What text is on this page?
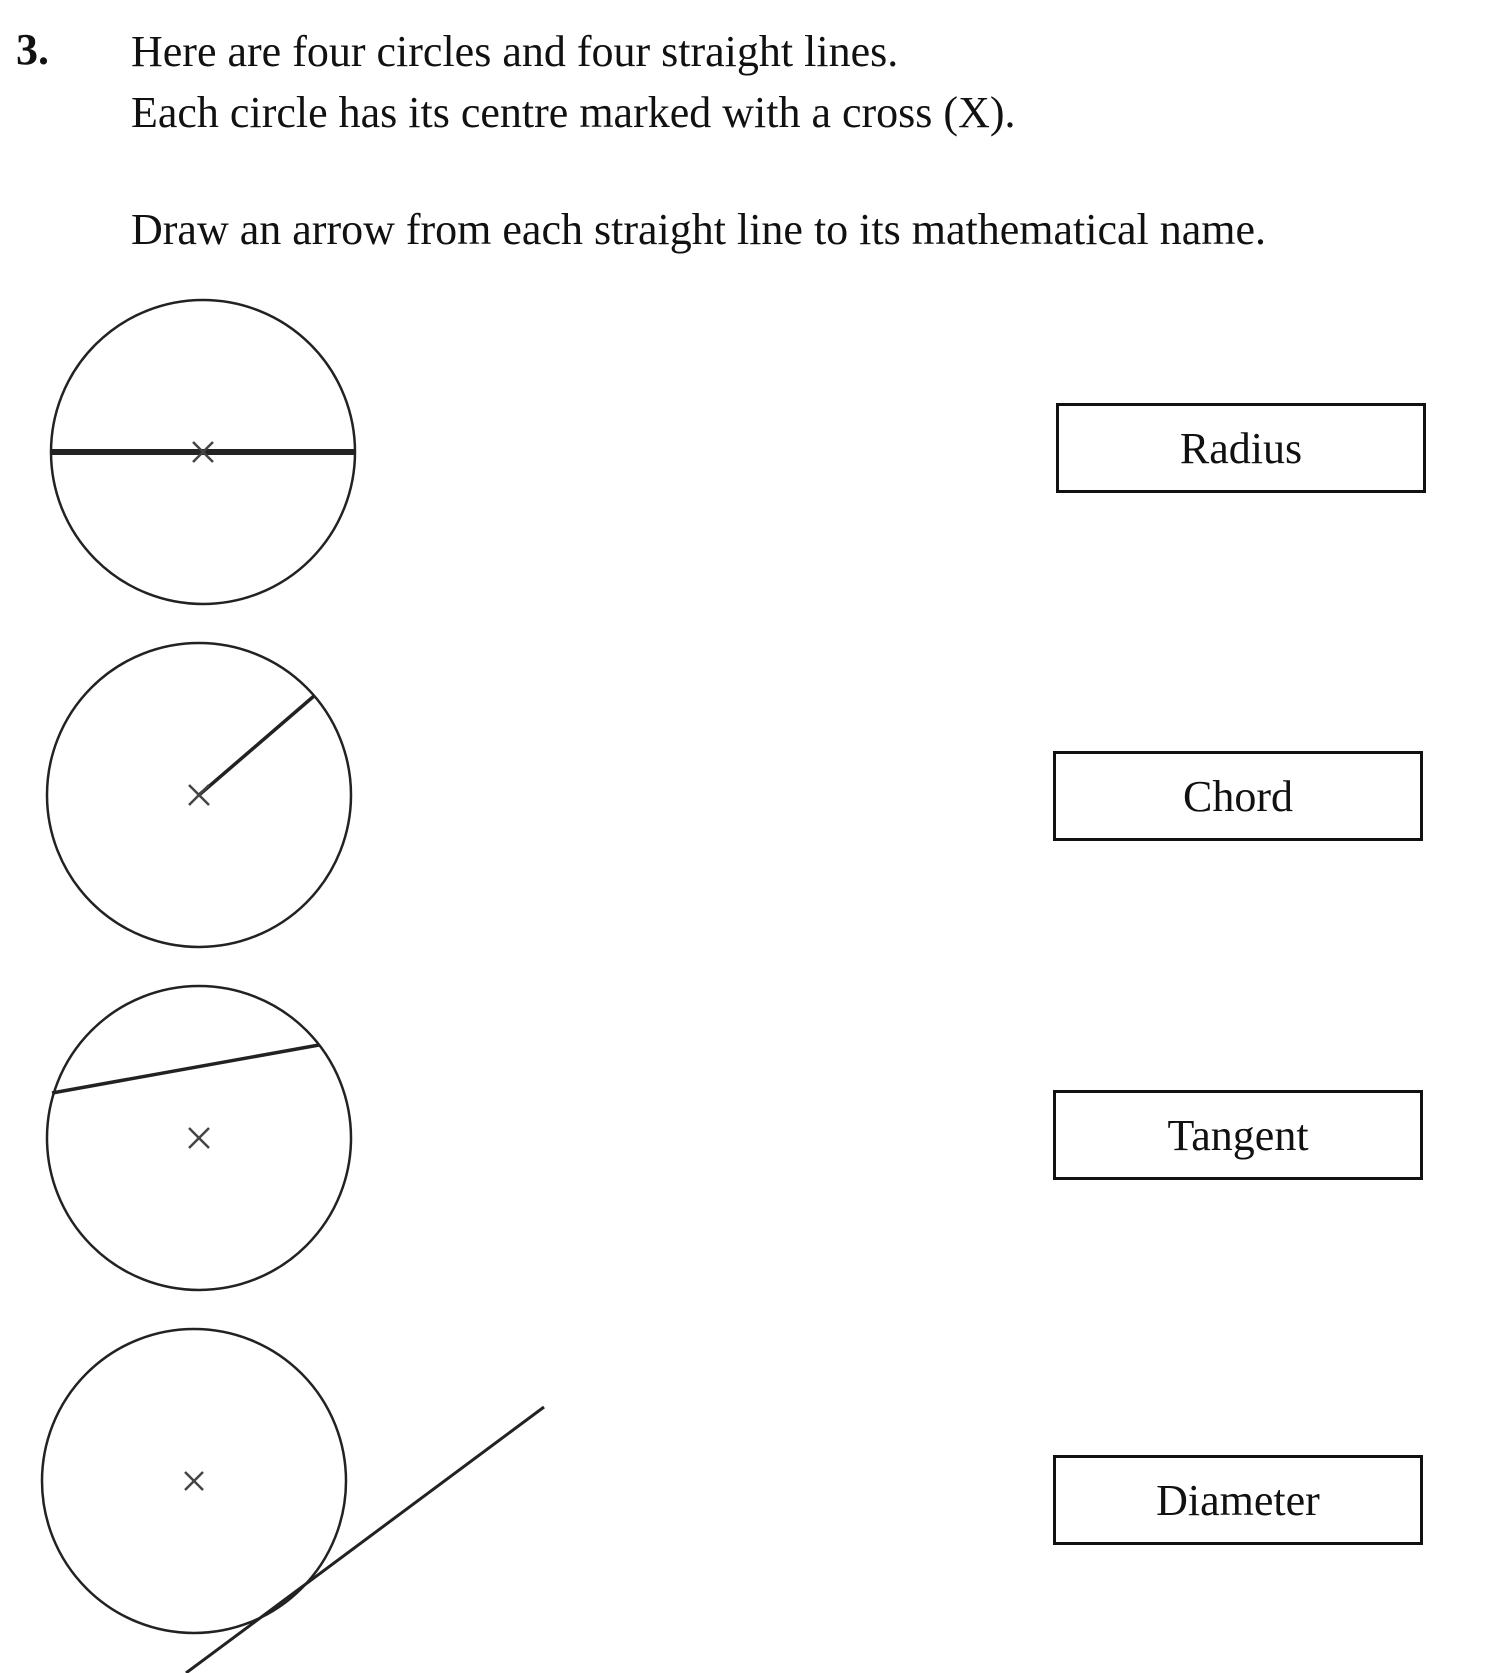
3. Here are four circles and four straight lines.
Each circle has its centre marked with a cross (X).
Draw an arrow from each straight line to its mathematical name.
Radius
Chord
Tangent
Diameter
